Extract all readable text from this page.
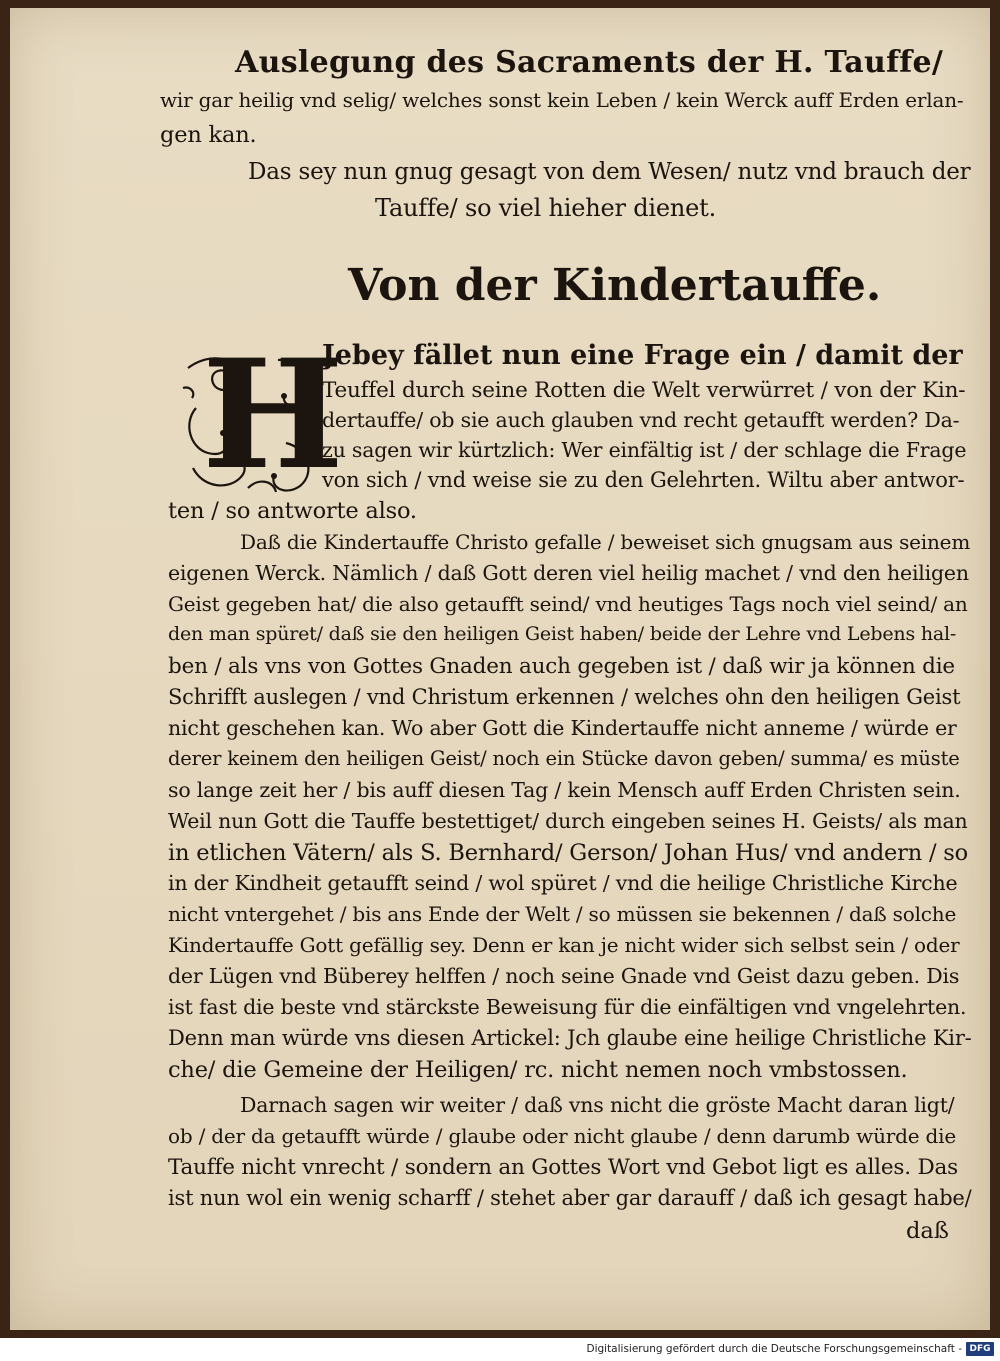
Auslegung des Sacraments der H. Tauffe/
wir gar heilig vnd selig/ welches sonst kein Leben / kein Werck auff Erden erlan-
gen kan.
Das sey nun gnug gesagt von dem Wesen/ nutz vnd brauch der
Tauffe/ so viel hieher dienet.
Von der Kindertauffe.
H
Jebey fället nun eine Frage ein / damit der
Teuffel durch seine Rotten die Welt verwürret / von der Kin-
dertauffe/ ob sie auch glauben vnd recht getaufft werden? Da-
zu sagen wir kürtzlich: Wer einfältig ist / der schlage die Frage
von sich / vnd weise sie zu den Gelehrten. Wiltu aber antwor-
ten / so antworte also.
Daß die Kindertauffe Christo gefalle / beweiset sich gnugsam aus seinem
eigenen Werck. Nämlich / daß Gott deren viel heilig machet / vnd den heiligen
Geist gegeben hat/ die also getaufft seind/ vnd heutiges Tags noch viel seind/ an
den man spüret/ daß sie den heiligen Geist haben/ beide der Lehre vnd Lebens hal-
ben / als vns von Gottes Gnaden auch gegeben ist / daß wir ja können die
Schrifft auslegen / vnd Christum erkennen / welches ohn den heiligen Geist
nicht geschehen kan. Wo aber Gott die Kindertauffe nicht anneme / würde er
derer keinem den heiligen Geist/ noch ein Stücke davon geben/ summa/ es müste
so lange zeit her / bis auff diesen Tag / kein Mensch auff Erden Christen sein.
Weil nun Gott die Tauffe bestettiget/ durch eingeben seines H. Geists/ als man
in etlichen Vätern/ als S. Bernhard/ Gerson/ Johan Hus/ vnd andern / so
in der Kindheit getaufft seind / wol spüret / vnd die heilige Christliche Kirche
nicht vntergehet / bis ans Ende der Welt / so müssen sie bekennen / daß solche
Kindertauffe Gott gefällig sey. Denn er kan je nicht wider sich selbst sein / oder
der Lügen vnd Büberey helffen / noch seine Gnade vnd Geist dazu geben. Dis
ist fast die beste vnd stärckste Beweisung für die einfältigen vnd vngelehrten.
Denn man würde vns diesen Artickel: Jch glaube eine heilige Christliche Kir-
che/ die Gemeine der Heiligen/ rc. nicht nemen noch vmbstossen.
Darnach sagen wir weiter / daß vns nicht die gröste Macht daran ligt/
ob / der da getaufft würde / glaube oder nicht glaube / denn darumb würde die
Tauffe nicht vnrecht / sondern an Gottes Wort vnd Gebot ligt es alles. Das
ist nun wol ein wenig scharff / stehet aber gar darauff / daß ich gesagt habe/
daß
Digitalisierung gefördert durch die Deutsche Forschungsgemeinschaft - DFG
